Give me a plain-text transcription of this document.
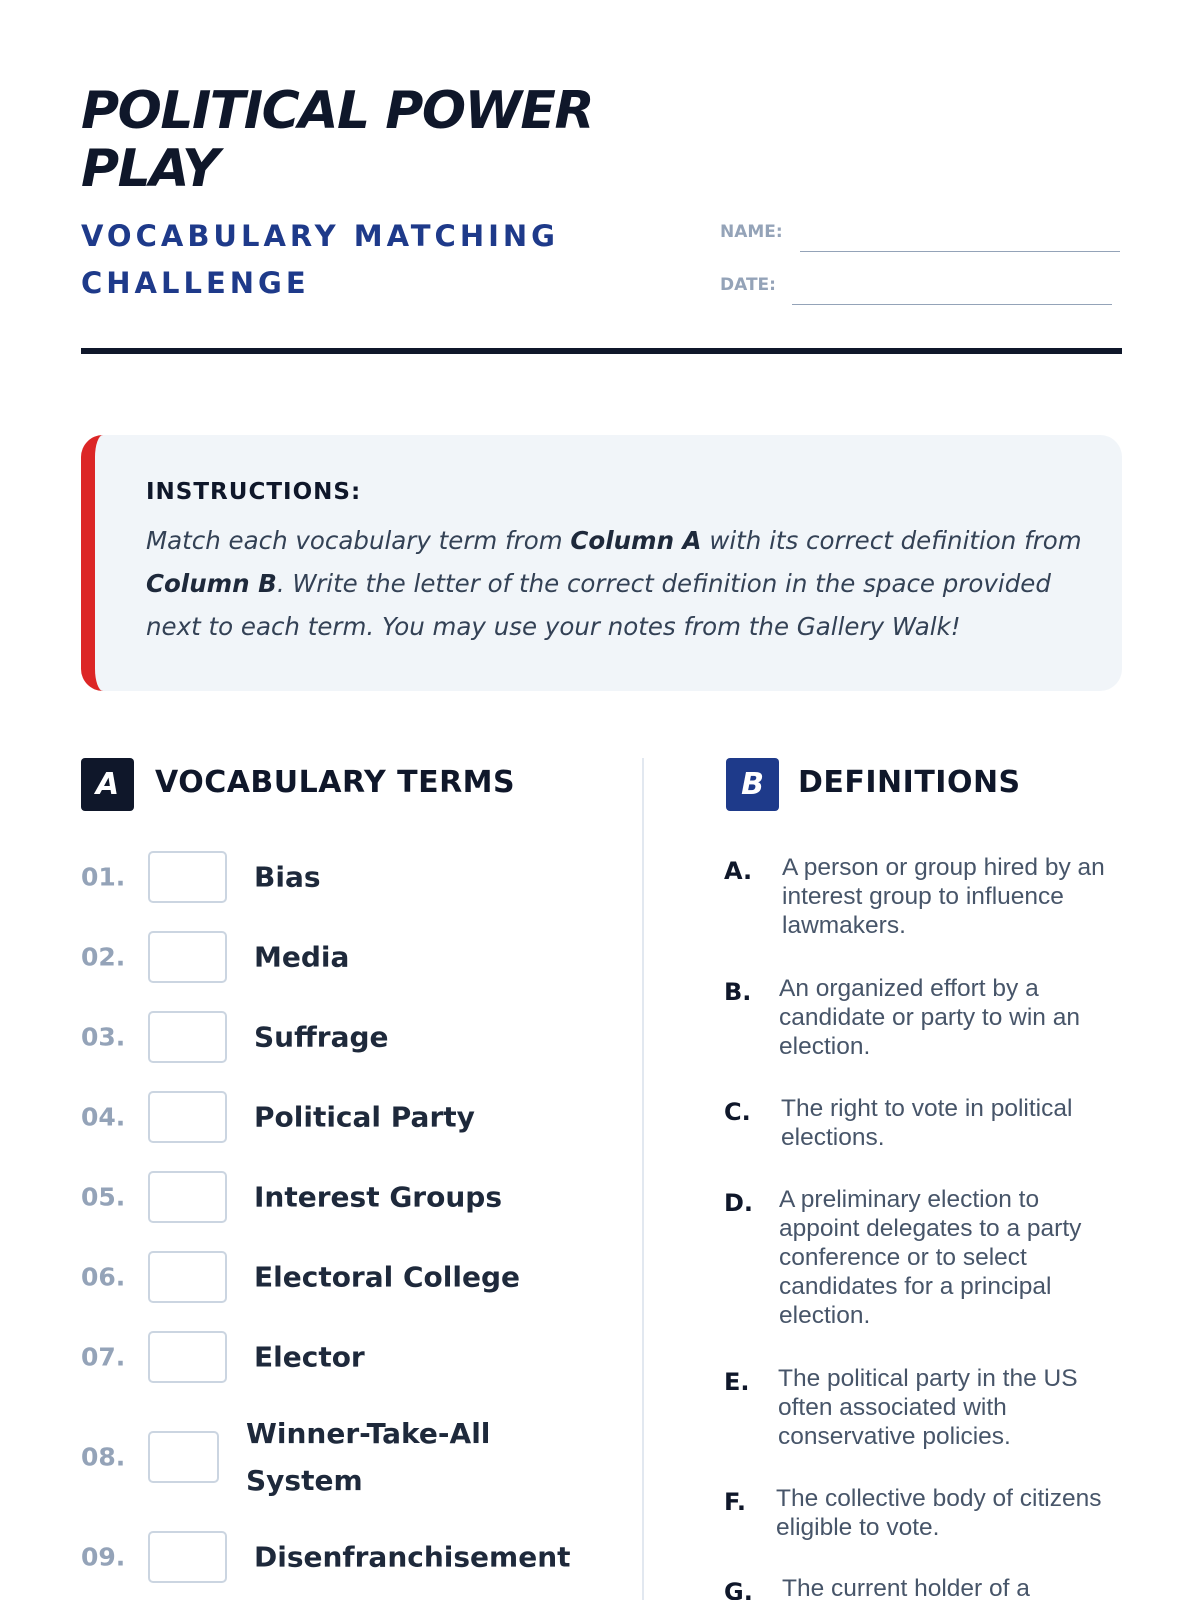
POLITICAL POWER PLAY
VOCABULARY MATCHING CHALLENGE
NAME:
DATE:
INSTRUCTIONS:
Match each vocabulary term from Column A with its correct definition from Column B. Write the letter of the correct definition in the space provided next to each term. You may use your notes from the Gallery Walk!
A	VOCABULARY TERMS	B	DEFINITIONS
01.	Bias
02.	Media
03.	Suffrage
04.	Political Party
05.	Interest Groups
06.	Electoral College
07.	Elector
08.
Winner-Take-All System
09.	Disenfranchisement
A. A person or group hired by an interest group to influence lawmakers.
B. An organized effort by a candidate or party to win an election.
C. The right to vote in political elections.
D. A preliminary election to appoint delegates to a party conference or to select candidates for a principal election.
E. The political party in the US often associated with conservative policies.
F. The collective body of citizens eligible to vote.
G. The current holder of a
